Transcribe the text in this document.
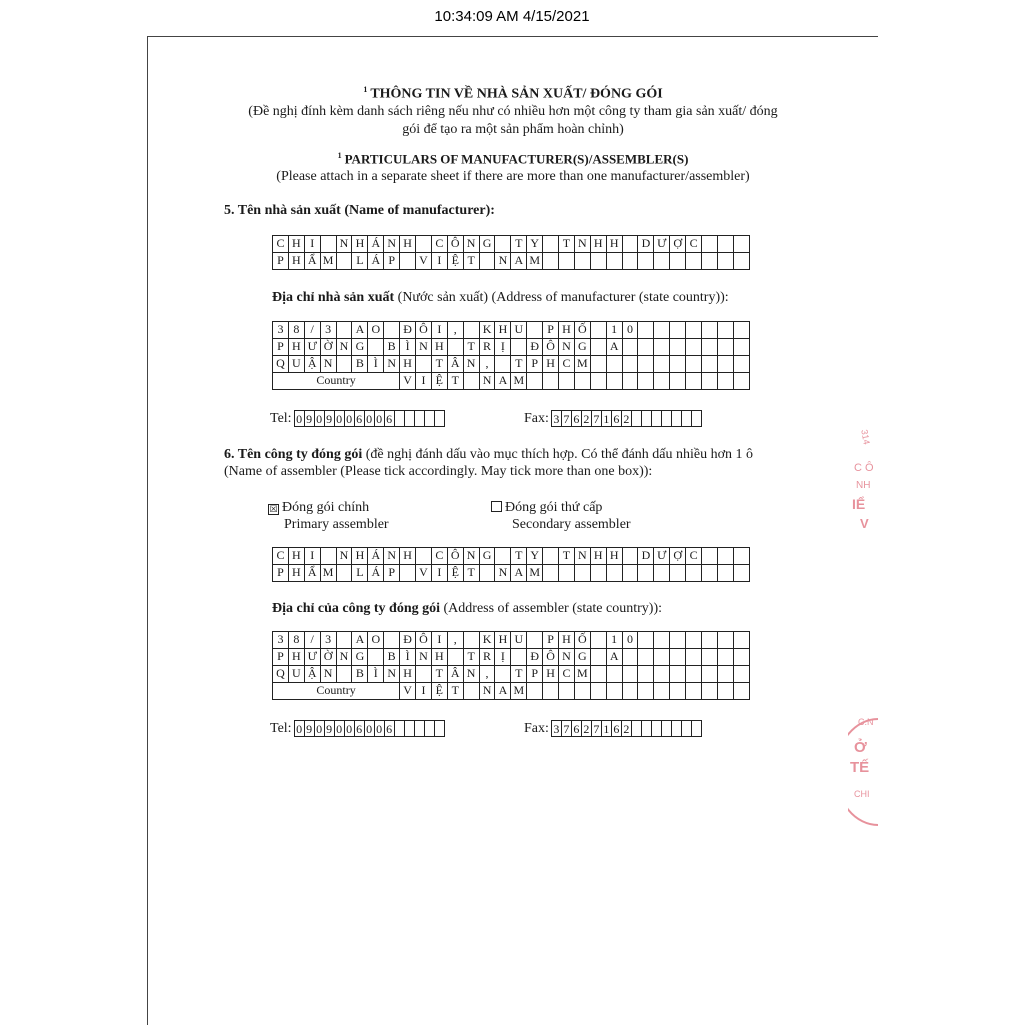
10:34:09 AM 4/15/2021
$^1$ THÔNG TIN VỀ NHÀ SẢN XUẤT/ ĐÓNG GÓI
(Đề nghị đính kèm danh sách riêng nếu như có nhiều hơn một công ty tham gia sản xuất/ đóng
gói để tạo ra một sản phẩm hoàn chỉnh)
$^1$ PARTICULARS OF MANUFACTURER(S)/ASSEMBLER(S)
(Please attach in a separate sheet if there are more than one manufacturer/assembler)
5. Tên nhà sản xuất (Name of manufacturer):
C H I	N H Á N H	C Ô N G	T Y	T N H H	D Ư Ợ C
P H Ẩ M	L Á P	V I Ệ T	N A M
Địa chỉ nhà sản xuất (Nước sản xuất) (Address of manufacturer (state country)):
3 8 / 3	A O	Đ Ô I	,	K H U	P H Ố	1 0
P H Ư Ờ N G	B Ì N H	T R Ị	Đ Ô N G	A
Q U Ậ N	B Ì N H	T Â N ,	T P H C M
Country	V I Ệ T	N A M
Tel: 0 9 0 9 0 0 6 0 0 6	Fax: 3 7 6 2 7 1 6 2
6. Tên công ty đóng gói (đề nghị đánh dấu vào mục thích hợp. Có thể đánh dấu nhiều hơn 1 ô
(Name of assembler (Please tick accordingly. May tick more than one box)):
☒ Đóng gói chính
Primary assembler
Đóng gói thứ cấp
Secondary assembler
C H I	N H Á N H	C Ô N G	T Y	T N H H	D Ư Ợ C
P H Ẩ M	L Á P	V I Ệ T	N A M
Địa chỉ của công ty đóng gói (Address of assembler (state country)):
3 8 / 3	A O	Đ Ô I	,	K H U	P H Ố	1 0
P H Ư Ờ N G	B Ì N H	T R Ị	Đ Ô N G	A
Q U Ậ N	B Ì N H	T Â N ,	T P H C M
Country	V I Ệ T	N A M
Tel: 0 9 0 9 0 0 6 0 0 6	Fax: 3 7 6 2 7 1 6 2
314
C Ô
NH
IỂ
V
C.N
Ở
TẾ
CHI
